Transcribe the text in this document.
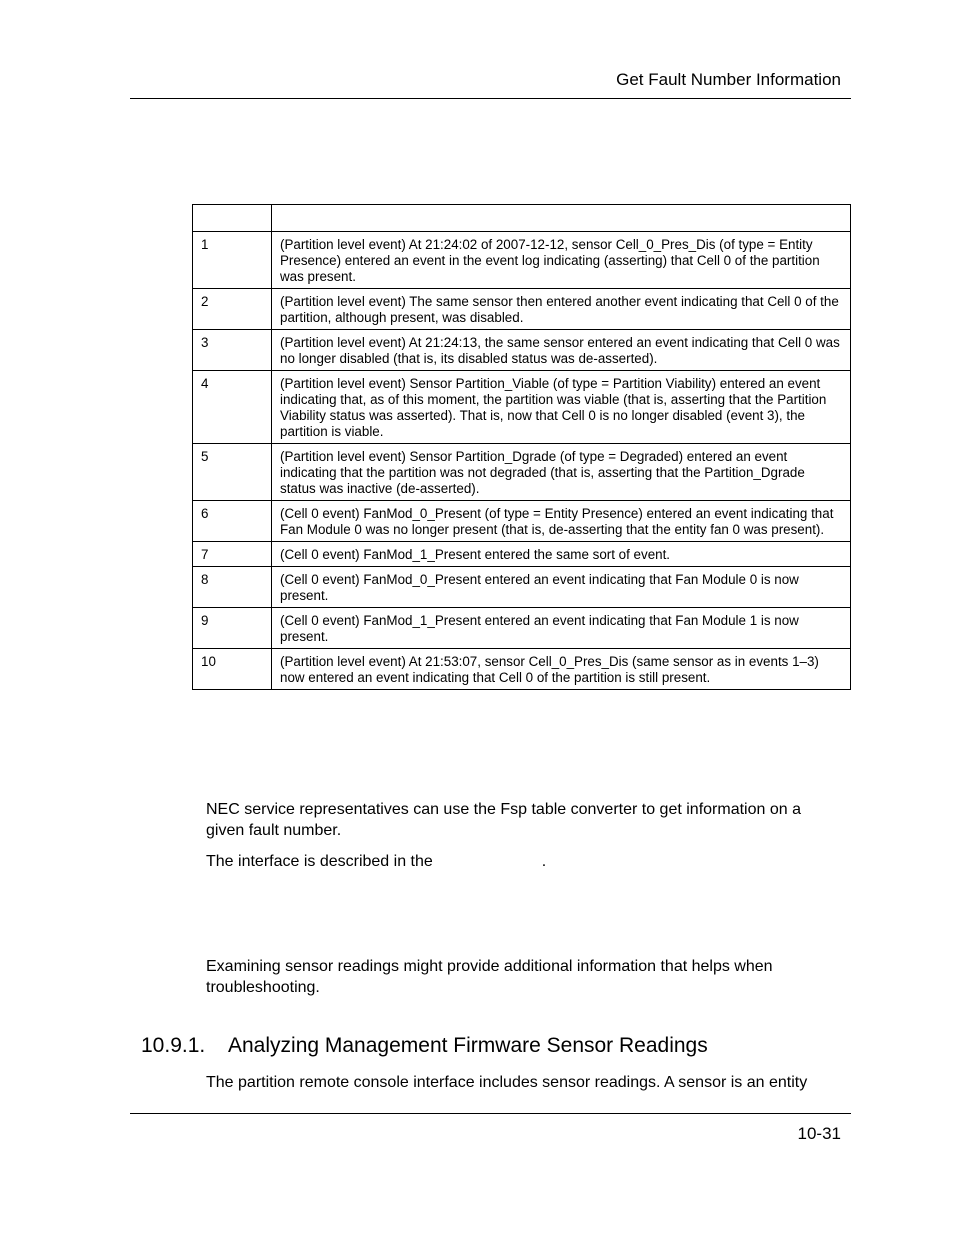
Get Fault Number Information

1	(Partition level event) At 21:24:02 of 2007-12-12, sensor Cell_0_Pres_Dis (of type = Entity Presence) entered an event in the event log indicating (asserting) that Cell 0 of the partition was present.
2	(Partition level event) The same sensor then entered another event indicating that Cell 0 of the partition, although present, was disabled.
3	(Partition level event) At 21:24:13, the same sensor entered an event indicating that Cell 0 was no longer disabled (that is, its disabled status was de-asserted).
4	(Partition level event) Sensor Partition_Viable (of type = Partition Viability) entered an event indicating that, as of this moment, the partition was viable (that is, asserting that the Partition Viability status was asserted). That is, now that Cell 0 is no longer disabled (event 3), the partition is viable.
5	(Partition level event) Sensor Partition_Dgrade (of type = Degraded) entered an event indicating that the partition was not degraded (that is, asserting that the Partition_Dgrade status was inactive (de-asserted).
6	(Cell 0 event) FanMod_0_Present (of type = Entity Presence) entered an event indicating that Fan Module 0 was no longer present (that is, de-asserting that the entity fan 0 was present).
7	(Cell 0 event) FanMod_1_Present entered the same sort of event.
8	(Cell 0 event) FanMod_0_Present entered an event indicating that Fan Module 0 is now present.
9	(Cell 0 event) FanMod_1_Present entered an event indicating that Fan Module 1 is now present.
10	(Partition level event) At 21:53:07, sensor Cell_0_Pres_Dis (same sensor as in events 1–3) now entered an event indicating that Cell 0 of the partition is still present.
NEC service representatives can use the Fsp table converter to get information on a given fault number.
The interface is described in the	.
Examining sensor readings might provide additional information that helps when troubleshooting.
10.9.1. Analyzing Management Firmware Sensor Readings
The partition remote console interface includes sensor readings. A sensor is an entity
10-31
